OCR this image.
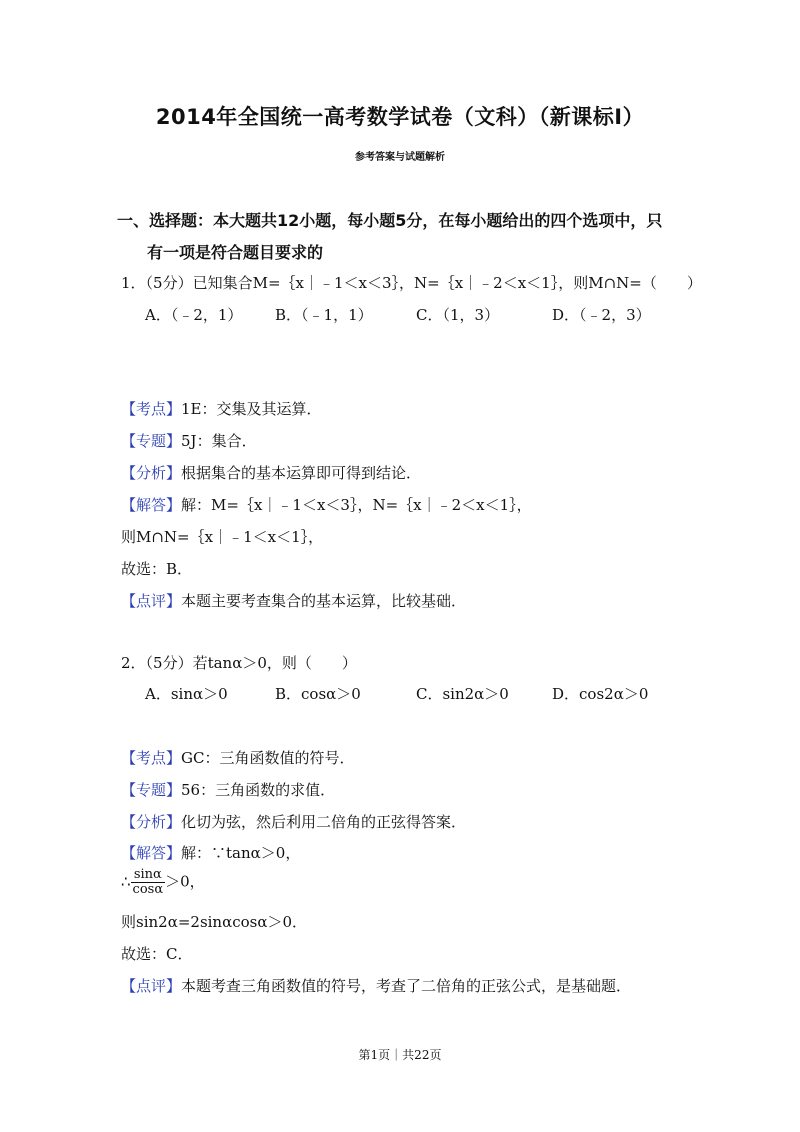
2014年全国统一高考数学试卷（文科）（新课标Ⅰ）
参考答案与试题解析
一、选择题：本大题共12小题，每小题5分，在每小题给出的四个选项中，只
有一项是符合题目要求的
1．（5分）已知集合M=｛x｜﹣1＜x＜3｝，N=｛x｜﹣2＜x＜1｝，则M∩N=（　　）
A．（﹣2，1） B．（﹣1，1）	C．（1，3）	D．（﹣2，3）
【考点】1E：交集及其运算．
【专题】5J：集合．
【分析】根据集合的基本运算即可得到结论．
【解答】解：M=｛x｜﹣1＜x＜3｝，N=｛x｜﹣2＜x＜1｝，
则M∩N=｛x｜﹣1＜x＜1｝，
故选：B．
【点评】本题主要考查集合的基本运算，比较基础．
2．（5分）若tanα＞0，则（　　）
A．sinα＞0	B．cosα＞0	C．sin2α＞0	D．cos2α＞0
【考点】GC：三角函数值的符号．
【专题】56：三角函数的求值．
【分析】化切为弦，然后利用二倍角的正弦得答案．
【解答】解：∵tanα＞0，
∴ $\frac{\sin\alpha}{\cos\alpha} >0$，
则sin2α=2sinαcosα＞0．
故选：C．
【点评】本题考查三角函数值的符号，考查了二倍角的正弦公式，是基础题．
第1页｜共22页
